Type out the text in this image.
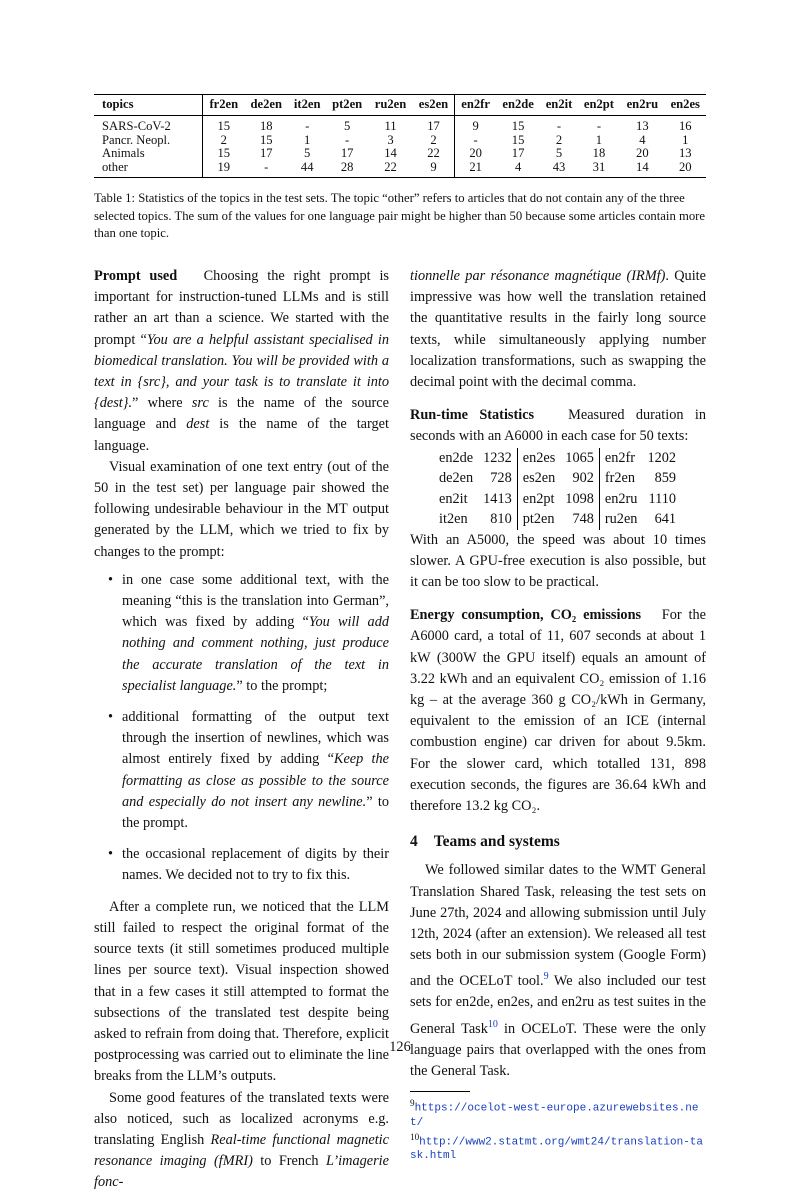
topics	fr2en	de2en	it2en	pt2en	ru2en	es2en	en2fr	en2de	en2it	en2pt	en2ru	en2es
SARS-CoV-2	15	18	-	5	11	17	9	15	-	-	13	16
Pancr. Neopl.	2	15	1	-	3	2	-	15	2	1	4	1
Animals	15	17	5	17	14	22	20	17	5	18	20	13
other	19	-	44	28	22	9	21	4	43	31	14	20
Table 1: Statistics of the topics in the test sets. The topic “other” refers to articles that do not contain any of the three selected topics. The sum of the values for one language pair might be higher than 50 because some articles contain more than one topic.

Prompt used Choosing the right prompt is important for instruction-tuned LLMs and is still rather an art than a science. We started with the prompt “You are a helpful assistant specialised in biomedical translation. You will be provided with a text in {src}, and your task is to translate it into {dest}.” where src is the name of the source language and dest is the name of the target language.

Visual examination of one text entry (out of the 50 in the test set) per language pair showed the following undesirable behaviour in the MT output generated by the LLM, which we tried to fix by changes to the prompt:

• in one case some additional text, with the meaning “this is the translation into German”, which was fixed by adding “You will add nothing and comment nothing, just produce the accurate translation of the text in specialist language.” to the prompt;
• additional formatting of the output text through the insertion of newlines, which was almost entirely fixed by adding “Keep the formatting as close as possible to the source and especially do not insert any newline.” to the prompt.
• the occasional replacement of digits by their names. We decided not to try to fix this.

After a complete run, we noticed that the LLM still failed to respect the original format of the source texts (it still sometimes produced multiple lines per source text). Visual inspection showed that in a few cases it still attempted to format the subsections of the translated test despite being asked to refrain from doing that. Therefore, explicit postprocessing was carried out to eliminate the line breaks from the LLM’s outputs.

Some good features of the translated texts were also noticed, such as localized acronyms e.g. translating English Real-time functional magnetic resonance imaging (fMRI) to French L’imagerie fonc-

tionnelle par résonance magnétique (IRMf). Quite impressive was how well the translation retained the quantitative results in the fairly long source texts, while simultaneously applying number localization transformations, such as swapping the decimal point with the decimal comma.

Run-time Statistics Measured duration in seconds with an A6000 in each case for 50 texts:

en2de	1232	en2es	1065	en2fr	1202
de2en	728	es2en	902	fr2en	859
en2it	1413	en2pt	1098	en2ru	1110
it2en	810	pt2en	748	ru2en	641

With an A5000, the speed was about 10 times slower. A GPU-free execution is also possible, but it can be too slow to be practical.

Energy consumption, CO₂ emissions For the A6000 card, a total of 11, 607 seconds at about 1 kW (300W the GPU itself) equals an amount of 3.22 kWh and an equivalent CO₂ emission of 1.16 kg – at the average 360 g CO₂/kWh in Germany, equivalent to the emission of an ICE (internal combustion engine) car driven for about 9.5km. For the slower card, which totalled 131, 898 execution seconds, the figures are 36.64 kWh and therefore 13.2 kg CO₂.

4 Teams and systems

We followed similar dates to the WMT General Translation Shared Task, releasing the test sets on June 27th, 2024 and allowing submission until July 12th, 2024 (after an extension). We released all test sets both in our submission system (Google Form) and the OCELoT tool.$^9$ We also included our test sets for en2de, en2es, and en2ru as test suites in the General Task$^{10}$ in OCELoT. These were the only language pairs that overlapped with the ones from the General Task.

$^9$https://ocelot-west-europe.azurewebsites.net/
$^{10}$http://www2.statmt.org/wmt24/translation-task.html
126
